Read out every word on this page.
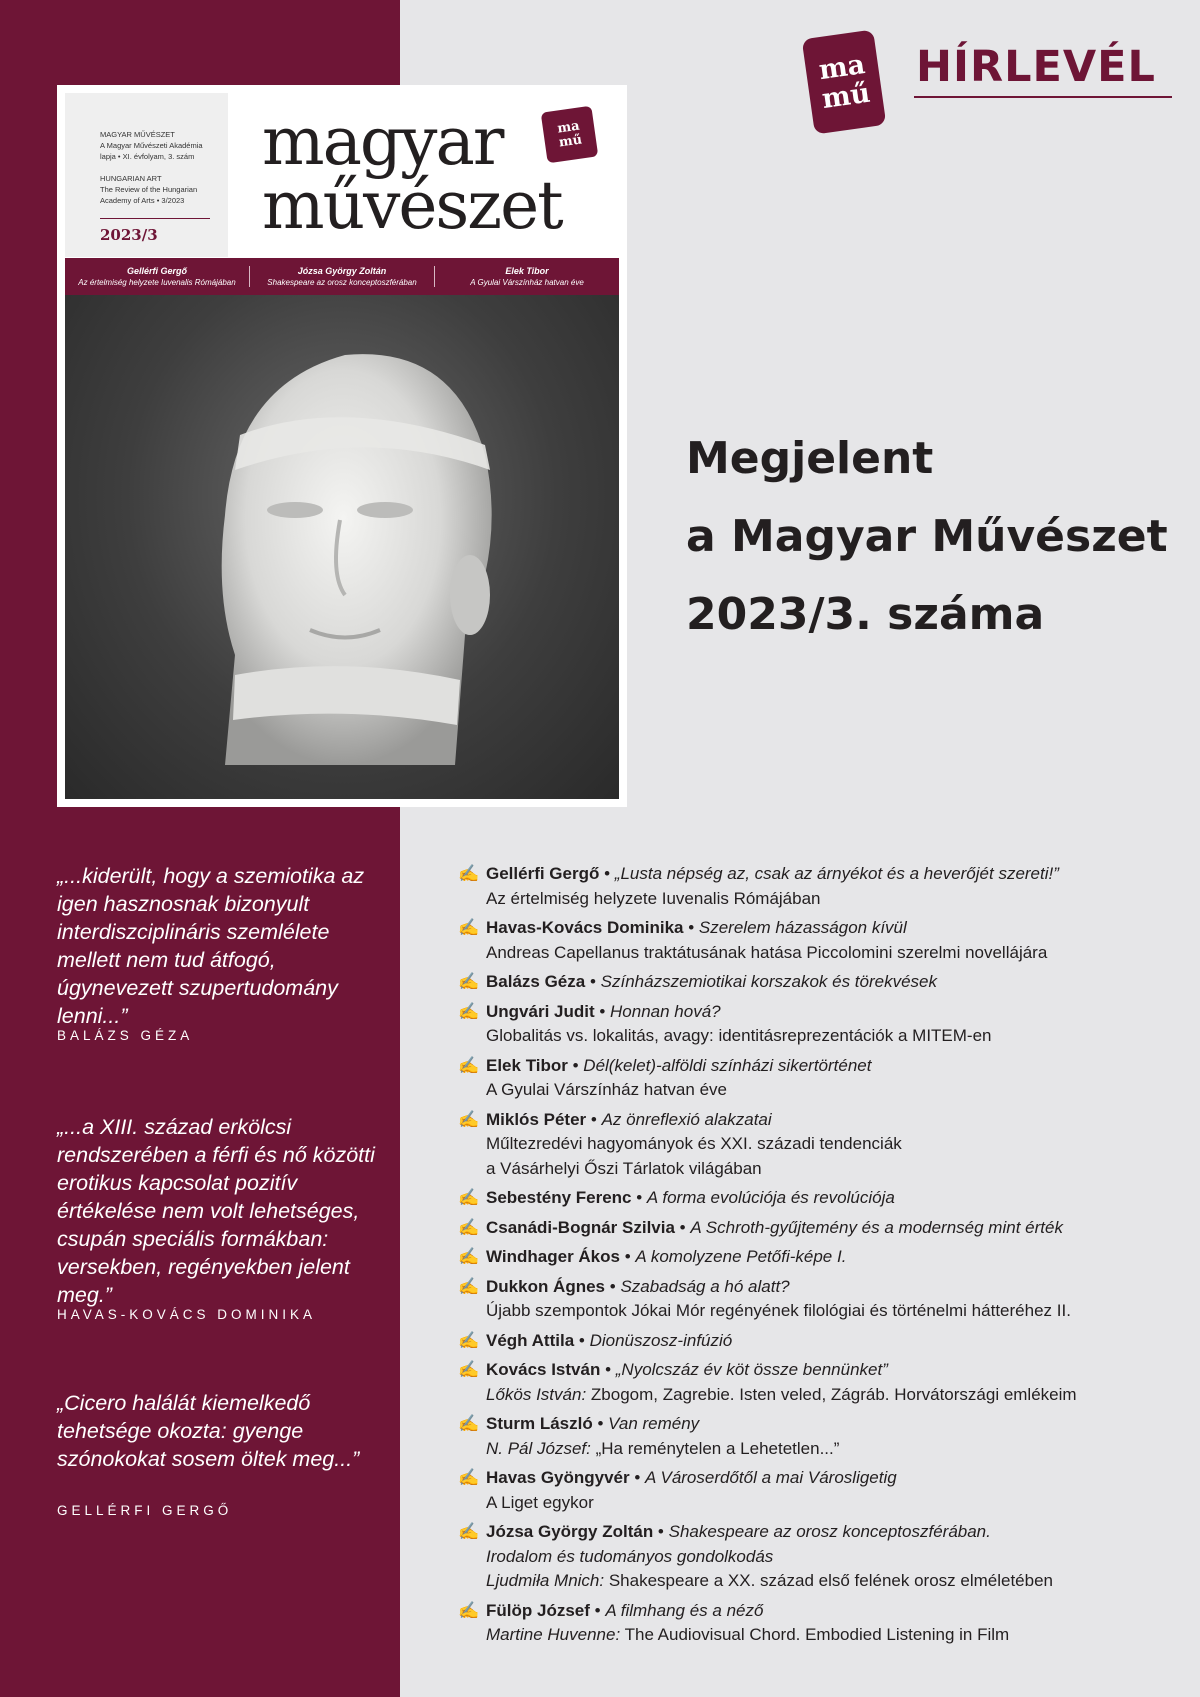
ma
mű
HÍRLEVÉL
MAGYAR MŰVÉSZET
A Magyar Művészeti Akadémia
lapja • XI. évfolyam, 3. szám
HUNGARIAN ART
The Review of the Hungarian
Academy of Arts • 3/2023
2023/3
magyar
művészet
ma
mű
Gellérfi Gergő
Az értelmiség helyzete Iuvenalis Rómájában
Józsa György Zoltán
Shakespeare az orosz konceptoszférában
Elek Tibor
A Gyulai Várszínház hatvan éve
Megjelent
a Magyar Művészet
2023/3. száma
„...kiderült, hogy a szemiotika az igen hasznosnak bizonyult interdiszciplináris szemlélete mellett nem tud átfogó, úgynevezett szupertudomány lenni...”
BALÁZS GÉZA
„...a XIII. század erkölcsi rendszerében a férfi és nő közötti erotikus kapcsolat pozitív értékelése nem volt lehetséges, csupán speciális formákban: versekben, regényekben jelent meg.”
HAVAS-KOVÁCS DOMINIKA
„Cicero halálát kiemelkedő tehetsége okozta: gyenge szónokokat sosem öltek meg...”
GELLÉRFI GERGŐ
✍ Gellérfi Gergő • „Lusta népség az, csak az árnyékot és a heverőjét szereti!”
Az értelmiség helyzete Iuvenalis Rómájában
✍ Havas-Kovács Dominika • Szerelem házasságon kívül
Andreas Capellanus traktátusának hatása Piccolomini szerelmi novellájára
✍ Balázs Géza • Színházszemiotikai korszakok és törekvések
✍ Ungvári Judit • Honnan hová?
Globalitás vs. lokalitás, avagy: identitásreprezentációk a MITEM-en
✍ Elek Tibor • Dél(kelet)-alföldi színházi sikertörténet
A Gyulai Várszínház hatvan éve
✍ Miklós Péter • Az önreflexió alakzatai
Műltezredévi hagyományok és XXI. századi tendenciák
a Vásárhelyi Őszi Tárlatok világában
✍ Sebestény Ferenc • A forma evolúciója és revolúciója
✍ Csanádi-Bognár Szilvia • A Schroth-gyűjtemény és a modernség mint érték
✍ Windhager Ákos • A komolyzene Petőfi-képe I.
✍ Dukkon Ágnes • Szabadság a hó alatt?
Újabb szempontok Jókai Mór regényének filológiai és történelmi hátteréhez II.
✍ Végh Attila • Dionüszosz-infúzió
✍ Kovács István • „Nyolcszáz év köt össze bennünket”
Lőkös István: Zbogom, Zagrebie. Isten veled, Zágráb. Horvátországi emlékeim
✍ Sturm László • Van remény
N. Pál József: „Ha reménytelen a Lehetetlen...”
✍ Havas Gyöngyvér • A Városerdőtől a mai Városligetig
A Liget egykor
✍ Józsa György Zoltán • Shakespeare az orosz konceptoszférában.
Irodalom és tudományos gondolkodás
Ljudmiła Mnich: Shakespeare a XX. század első felének orosz elméletében
✍ Fülöp József • A filmhang és a néző
Martine Huvenne: The Audiovisual Chord. Embodied Listening in Film
